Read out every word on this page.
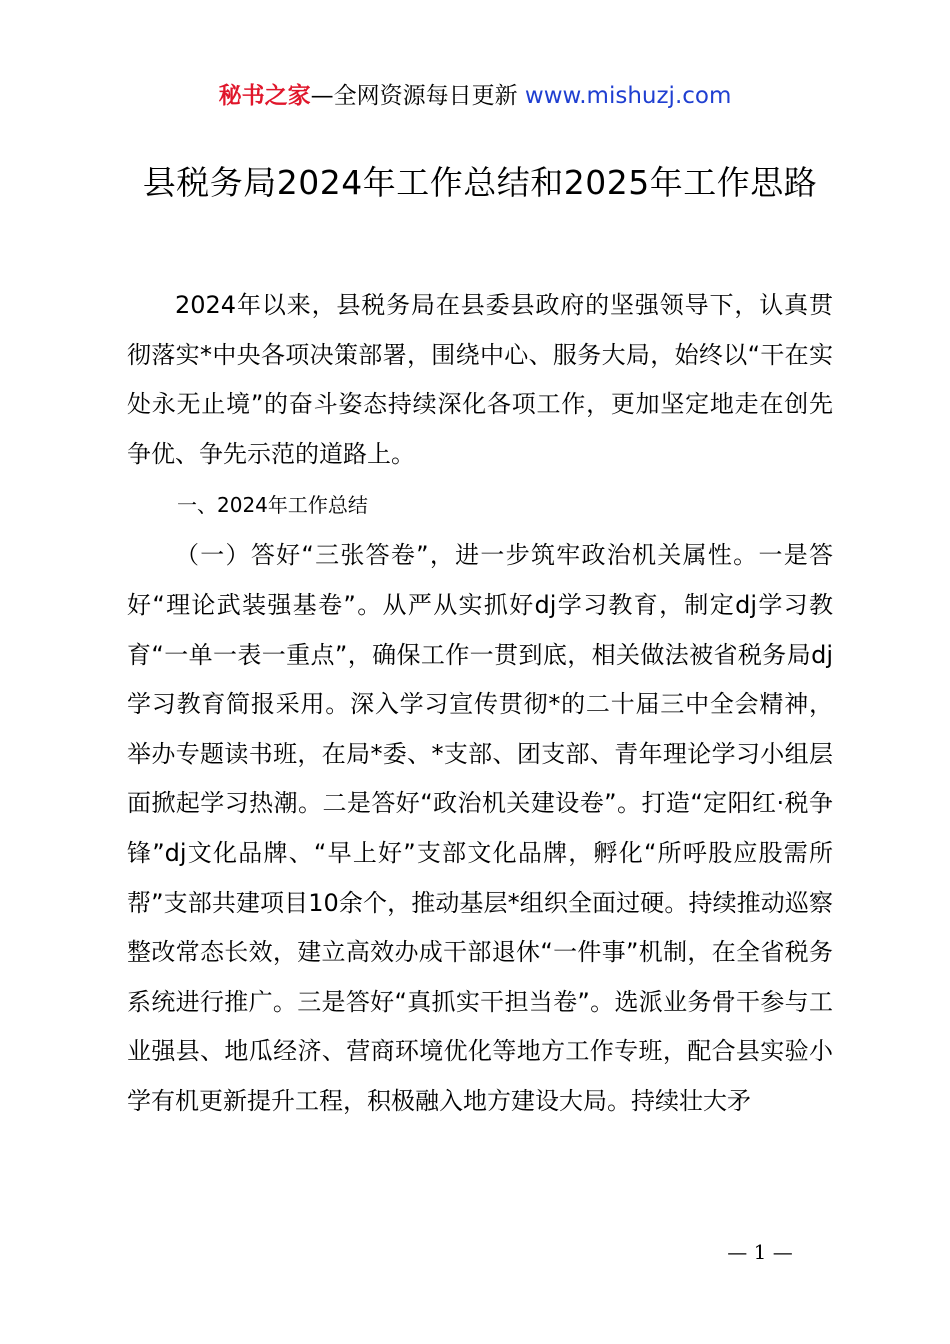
秘书之家—全网资源每日更新 www.mishuzj.com
县税务局2024年工作总结和2025年工作思路

2024年以来，县税务局在县委县政府的坚强领导下，认真贯彻落实*中央各项决策部署，围绕中心、服务大局，始终以“干在实处永无止境”的奋斗姿态持续深化各项工作，更加坚定地走在创先争优、争先示范的道路上。

一、2024年工作总结

（一）答好“三张答卷”，进一步筑牢政治机关属性。一是答好“理论武装强基卷”。从严从实抓好dj学习教育，制定dj学习教育“一单一表一重点”，确保工作一贯到底，相关做法被省税务局dj学习教育简报采用。深入学习宣传贯彻*的二十届三中全会精神，举办专题读书班，在局*委、*支部、团支部、青年理论学习小组层面掀起学习热潮。二是答好“政治机关建设卷”。打造“定阳红·税争锋”dj文化品牌、“早上好”支部文化品牌，孵化“所呼股应股需所帮”支部共建项目10余个，推动基层*组织全面过硬。持续推动巡察整改常态长效，建立高效办成干部退休“一件事”机制，在全省税务系统进行推广。三是答好“真抓实干担当卷”。选派业务骨干参与工业强县、地瓜经济、营商环境优化等地方工作专班，配合县实验小学有机更新提升工程，积极融入地方建设大局。持续壮大矛

— 1 —
